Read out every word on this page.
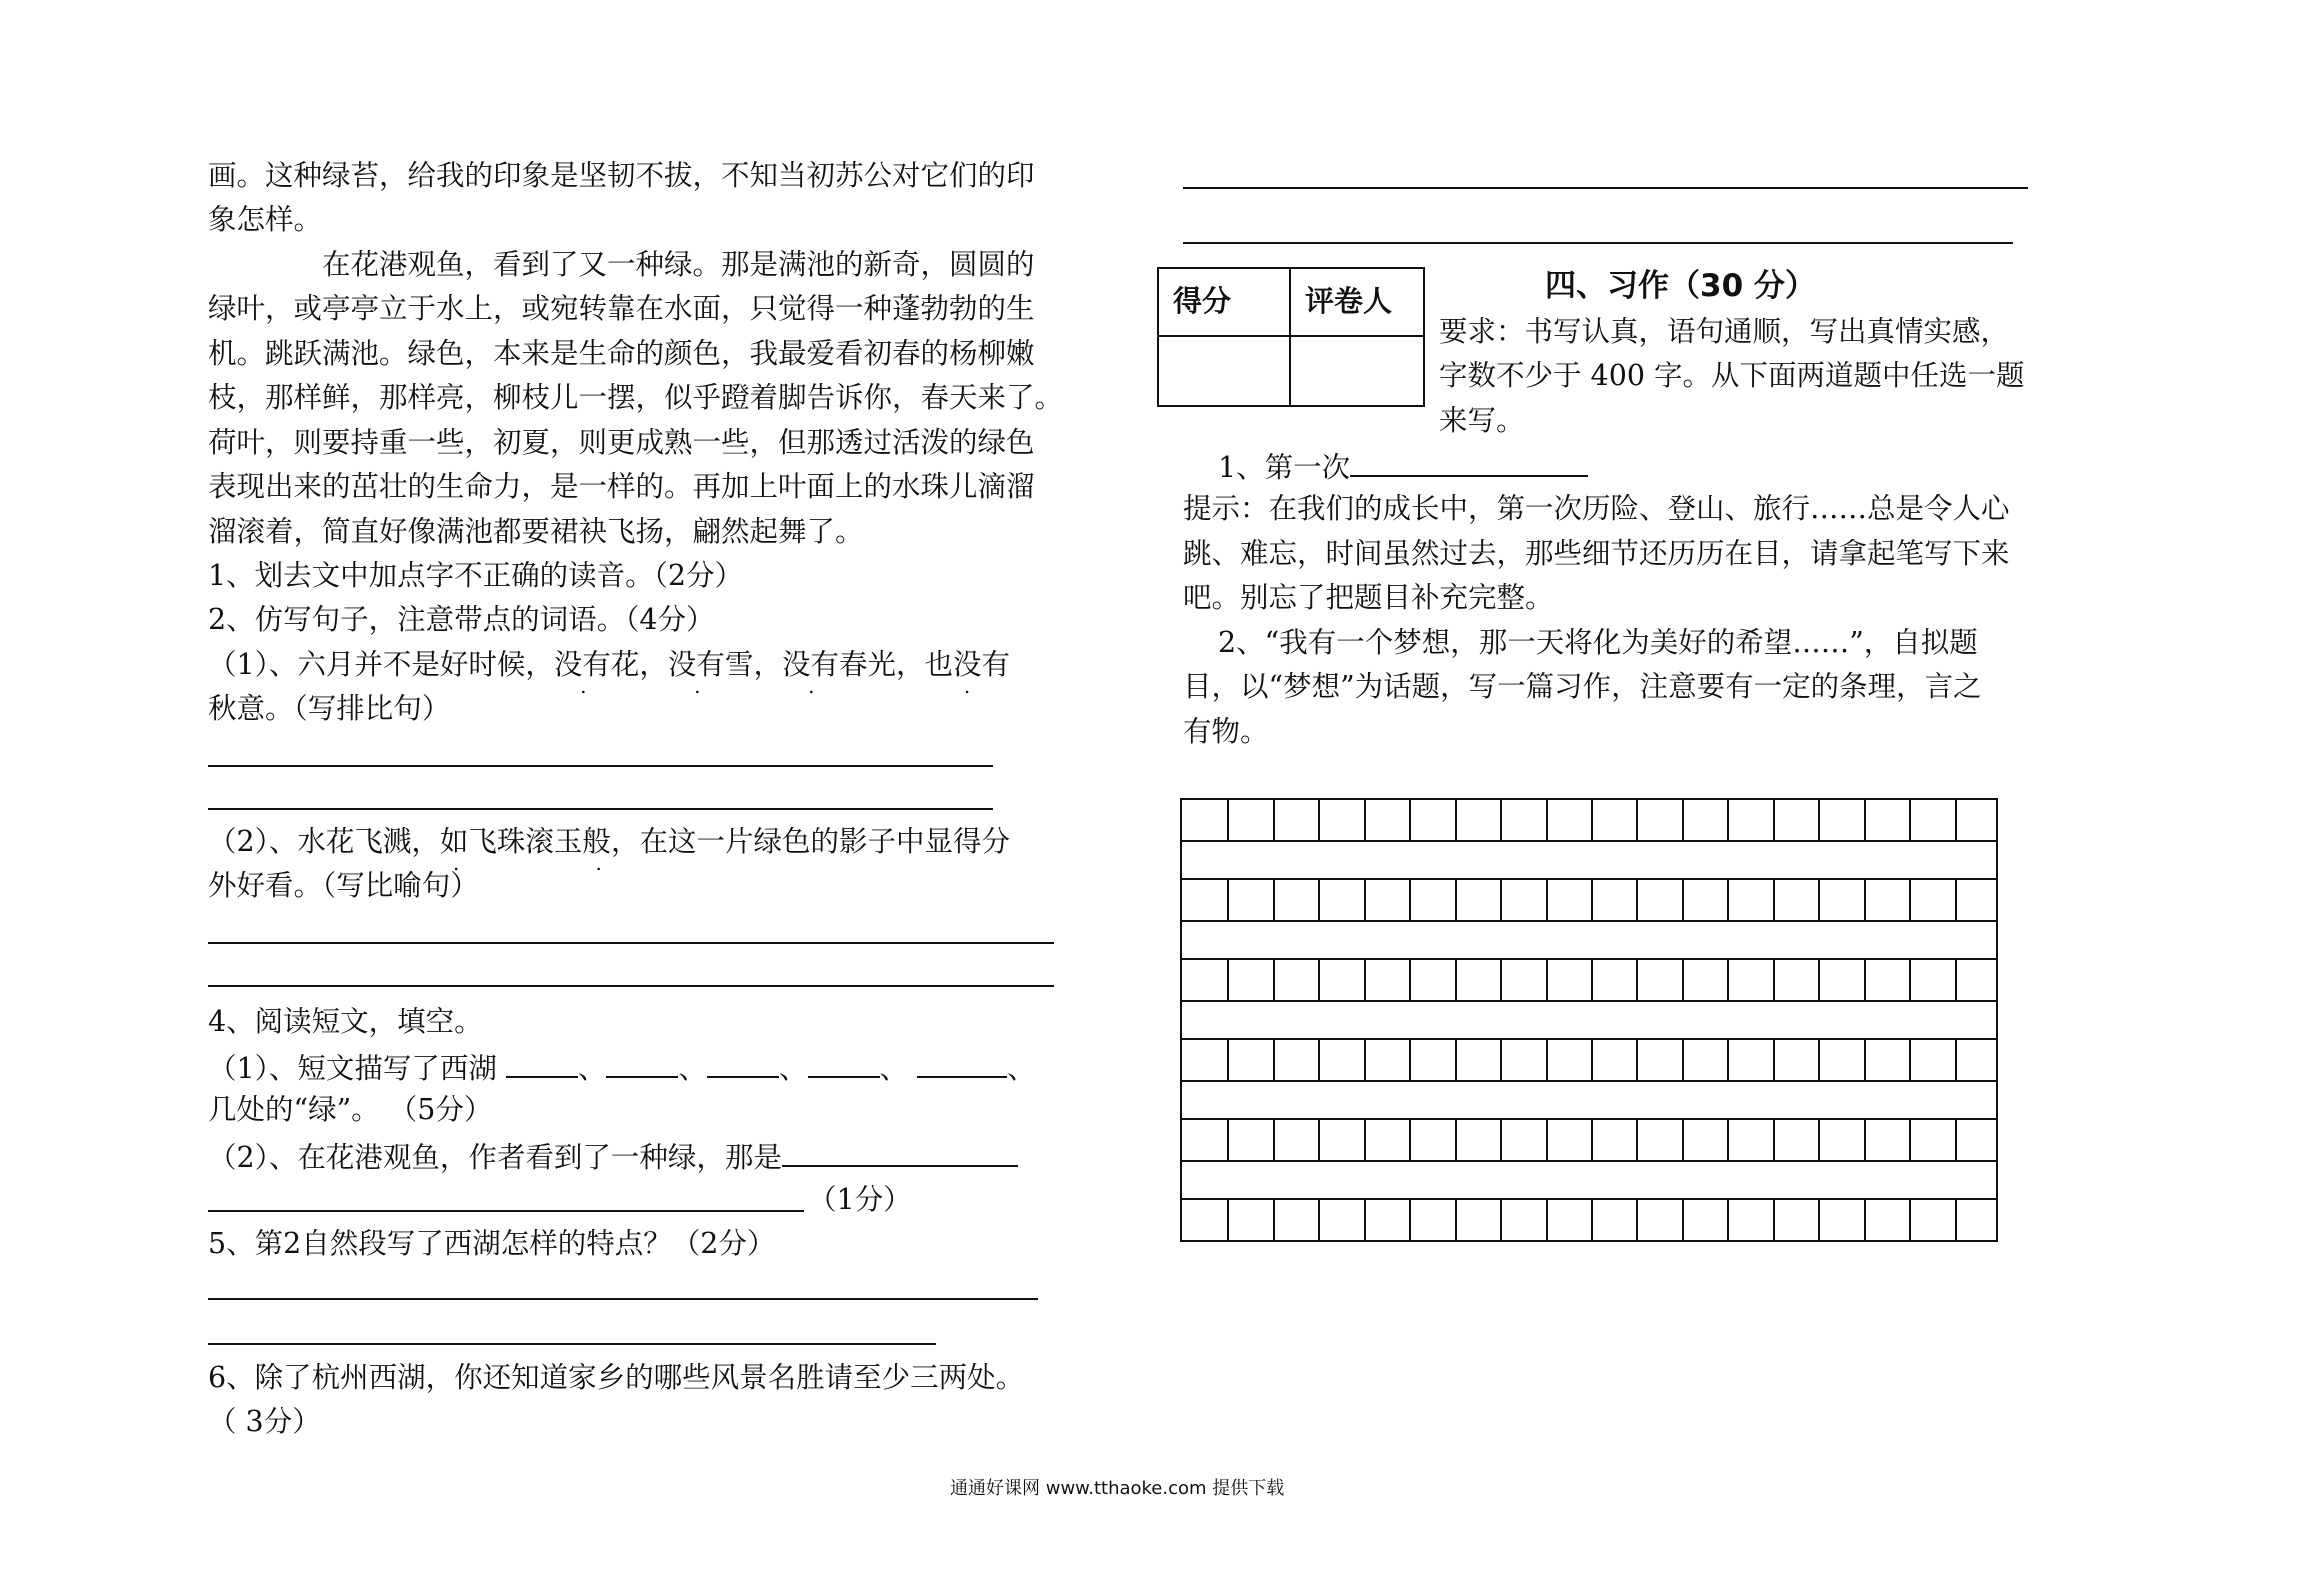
画。这种绿苔，给我的印象是坚韧不拔，不知当初苏公对它们的印
象怎样。
在花港观鱼，看到了又一种绿。那是满池的新奇，圆圆的
绿叶，或亭亭立于水上，或宛转靠在水面，只觉得一种蓬勃勃的生
机。跳跃满池。绿色，本来是生命的颜色，我最爱看初春的杨柳嫩
枝，那样鲜，那样亮，柳枝儿一摆，似乎蹬着脚告诉你，春天来了。
荷叶，则要持重一些，初夏，则更成熟一些，但那透过活泼的绿色
表现出来的茁壮的生命力，是一样的。再加上叶面上的水珠儿滴溜
溜滚着，简直好像满池都要裙袂飞扬，翩然起舞了。
1、划去文中加点字不正确的读音。（2分）
2、仿写句子，注意带点的词语。（4分）
（1）、六月并不是好时候，没有花，没有雪，没有春光，也没有
秋意。（写排比句）
（2）、水花飞溅，如飞珠滚玉般，在这一片绿色的影子中显得分
外好看。（写比喻句）
4、阅读短文，填空。
（1）、短文描写了西湖	、	、	、	、	、
几处的“绿”。 （5分）
（2）、在花港观鱼，作者看到了一种绿，那是
（1分）
5、第2自然段写了西湖怎样的特点？（2分）
6、除了杭州西湖，你还知道家乡的哪些风景名胜请至少三两处。
（ 3分）
得分	评卷人	四、习作（30 分）
要求：书写认真，语句通顺，写出真情实感，
字数不少于 400 字。从下面两道题中任选一题
来写。
1、第一次
提示：在我们的成长中，第一次历险、登山、旅行……总是令人心
跳、难忘，时间虽然过去，那些细节还历历在目，请拿起笔写下来
吧。别忘了把题目补充完整。
2、“我有一个梦想，那一天将化为美好的希望……”，自拟题
目，以“梦想”为话题，写一篇习作，注意要有一定的条理，言之
有物。
通通好课网 www.tthaoke.com 提供下载
